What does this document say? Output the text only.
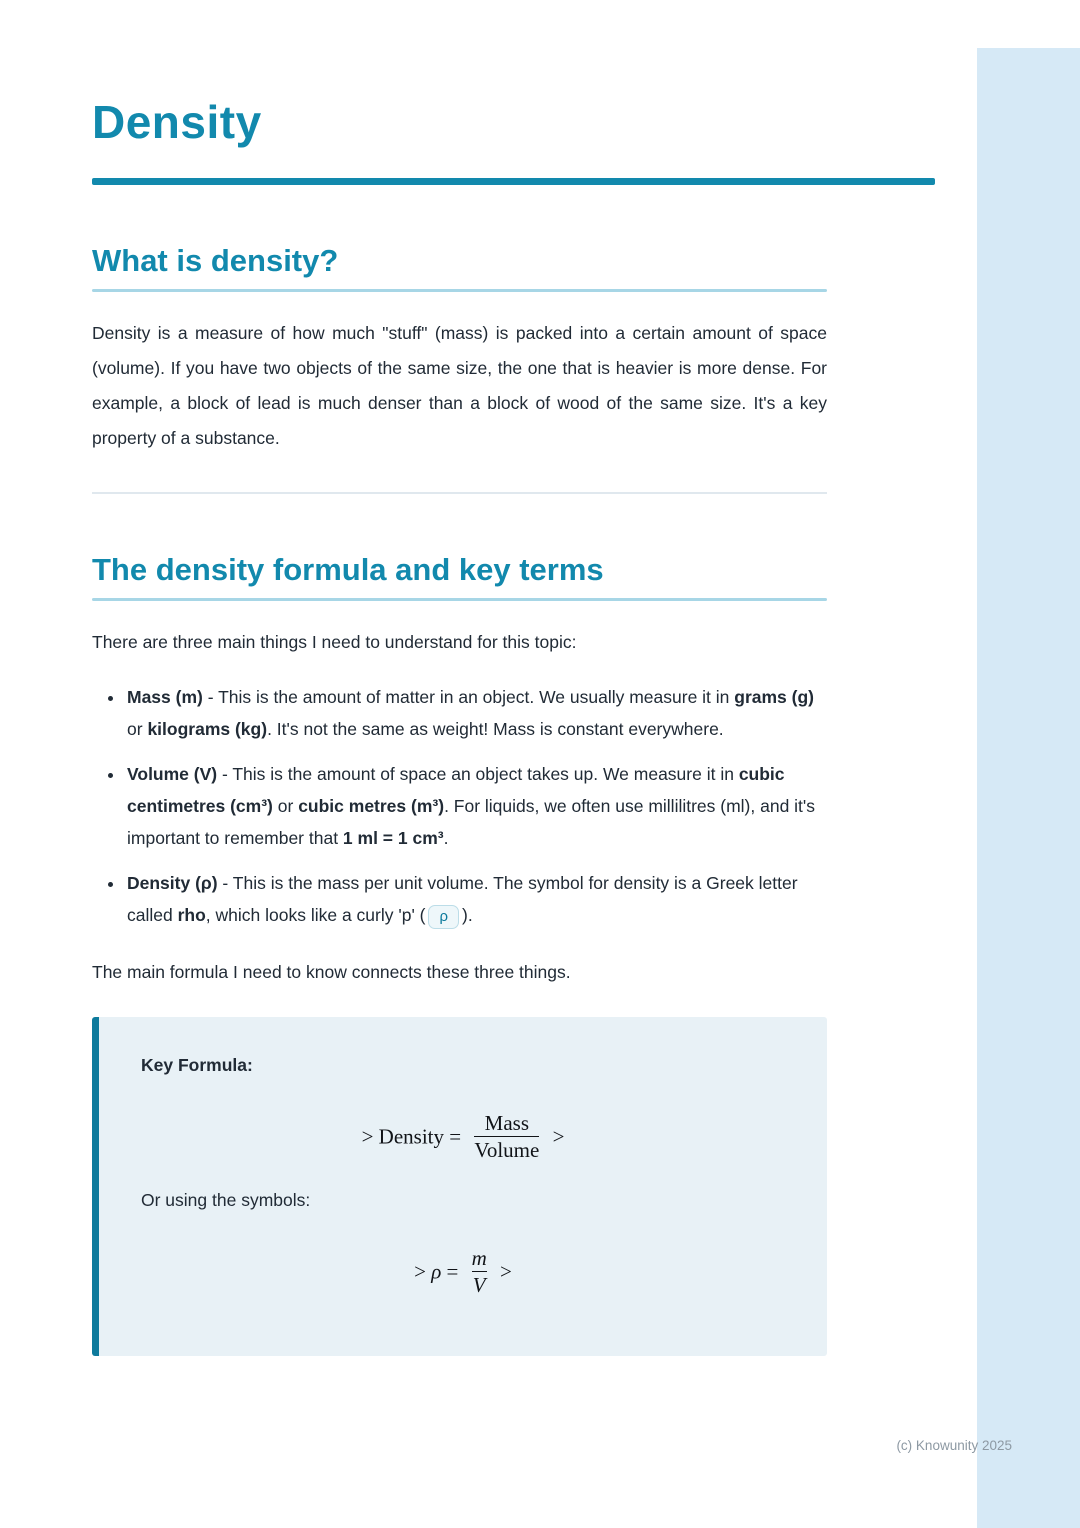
Density
What is density?

Density is a measure of how much "stuff" (mass) is packed into a certain amount of space (volume). If you have two objects of the same size, the one that is heavier is more dense. For example, a block of lead is much denser than a block of wood of the same size. It's a key property of a substance.

The density formula and key terms

There are three main things I need to understand for this topic:

• Mass (m) - This is the amount of matter in an object. We usually measure it in grams (g) or kilograms (kg). It's not the same as weight! Mass is constant everywhere.
• Volume (V) - This is the amount of space an object takes up. We measure it in cubic centimetres (cm³) or cubic metres (m³). For liquids, we often use millilitres (ml), and it's important to remember that 1 ml = 1 cm³.
• Density (ρ) - This is the mass per unit volume. The symbol for density is a Greek letter called rho, which looks like a curly 'p' ( ρ ).

The main formula I need to know connects these three things.

Key Formula:
> Density = $\frac{\text{Mass}}{\text{Volume}}$ >
Or using the symbols:
> $\rho = \frac{m}{V}$ >
(c) Knowunity 2025
